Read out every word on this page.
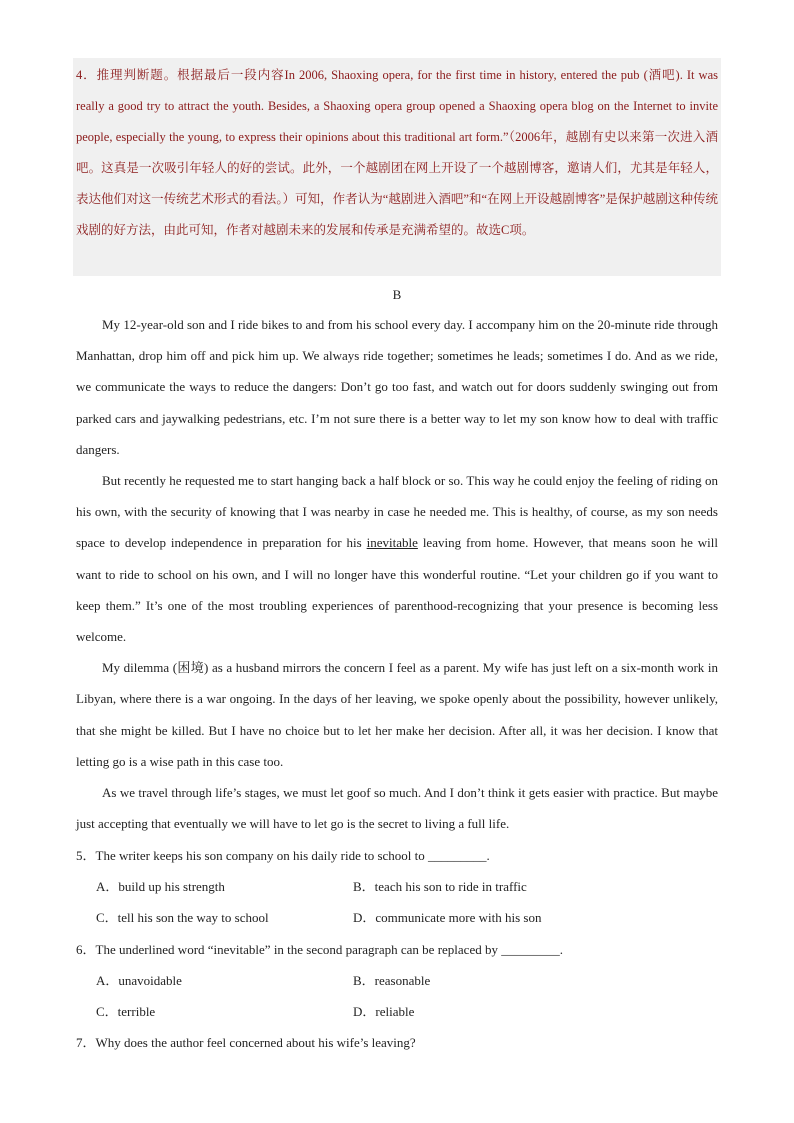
4．推理判断题。根据最后一段内容In 2006, Shaoxing opera, for the first time in history, entered the pub (酒吧). It was really a good try to attract the youth. Besides, a Shaoxing opera group opened a Shaoxing opera blog on the Internet to invite people, especially the young, to express their opinions about this traditional art form.”（2006年，越剧有史以来第一次进入酒吧。这真是一次吸引年轻人的好的尝试。此外，一个越剧团在网上开设了一个越剧博客，邀请人们，尤其是年轻人，表达他们对这一传统艺术形式的看法。）可知，作者认为“越剧进入酒吧”和“在网上开设越剧博客”是保护越剧这种传统戏剧的好方法，由此可知，作者对越剧未来的发展和传承是充满希望的。故选C项。
B

My 12-year-old son and I ride bikes to and from his school every day. I accompany him on the 20-minute ride through Manhattan, drop him off and pick him up. We always ride together; sometimes he leads; sometimes I do. And as we ride, we communicate the ways to reduce the dangers: Don’t go too fast, and watch out for doors suddenly swinging out from parked cars and jaywalking pedestrians, etc. I’m not sure there is a better way to let my son know how to deal with traffic dangers.

But recently he requested me to start hanging back a half block or so. This way he could enjoy the feeling of riding on his own, with the security of knowing that I was nearby in case he needed me. This is healthy, of course, as my son needs space to develop independence in preparation for his inevitable leaving from home. However, that means soon he will want to ride to school on his own, and I will no longer have this wonderful routine. “Let your children go if you want to keep them.” It’s one of the most troubling experiences of parenthood-recognizing that your presence is becoming less welcome.

My dilemma (困境) as a husband mirrors the concern I feel as a parent. My wife has just left on a six-month work in Libyan, where there is a war ongoing. In the days of her leaving, we spoke openly about the possibility, however unlikely, that she might be killed. But I have no choice but to let her make her decision. After all, it was her decision. I know that letting go is a wise path in this case too.

As we travel through life’s stages, we must let goof so much. And I don’t think it gets easier with practice. But maybe just accepting that eventually we will have to let go is the secret to living a full life.

5．The writer keeps his son company on his daily ride to school to _________.
A．build up his strength	B．teach his son to ride in traffic
C．tell his son the way to school	D．communicate more with his son
6．The underlined word “inevitable” in the second paragraph can be replaced by _________.
A．unavoidable	B．reasonable
C．terrible	D．reliable
7．Why does the author feel concerned about his wife’s leaving?
